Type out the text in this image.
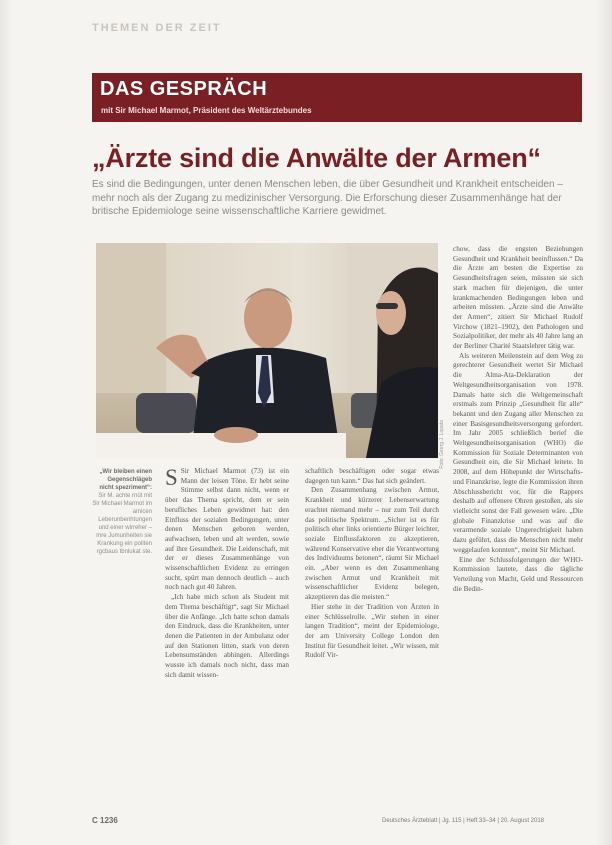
THEMEN DER ZEIT
DAS GESPRÄCH
mit Sir Michael Marmot, Präsident des Weltärztebundes
„Ärzte sind die Anwälte der Armen“
Es sind die Bedingungen, unter denen Menschen leben, die über Gesundheit und Krankheit entscheiden – mehr noch als der Zugang zu medizinischer Versorgung. Die Erforschung dieser Zusammenhänge hat der britische Epidemiologe seine wissenschaftliche Karriere gewidmet.
Foto: Georg J. Lopata
„Wir bleiben einen Gegenschlägeb nicht spezriment“: Sir M. achte rnüt mit Sir Michael Marmot im amicen Leberunbenhtungen und einer wirreher – mre Jumunheiten sie Krankung ein politen rgcbaus tbnlukat ste.

S Sir Michael Marmot (73) ist ein Mann der leisen Töne. Er hebt seine Stimme selbst dann nicht, wenn er über das Thema spricht, dem er sein berufliches Leben gewidmet hat: den Einfluss der sozialen Bedingungen, unter denen Menschen geboren werden, aufwachsen, leben und alt werden, sowie auf ihre Gesundheit. Die Leidenschaft, mit der er dieses Zusammenhänge von wissenschaftlichen Evidenz zu erringen sucht, spürt man dennoch deutlich – auch noch nach gut 40 Jahren.

„Ich habe mich schon als Student mit dem Thema beschäftigt“, sagt Sir Michael über die Anfänge. „Ich hatte schon damals den Eindruck, dass die Krankheiten, unter denen die Patienten in der Ambulanz oder auf den Stationen litten, stark von deren Lebensumständen abhingen. Allerdings wusste ich damals noch nicht, dass man sich damit wissen-

schaftlich beschäftigen oder sogar etwas dagegen tun kann.“ Das hat sich geändert.

Den Zusammenhang zwischen Armut, Krankheit und kürzerer Lebenserwartung erachtet niemand mehr – nur zum Teil durch das politische Spektrum. „Sicher ist es für politisch eher links orientierte Bürger leichter, soziale Einflussfaktoren zu akzeptieren, während Konservative eher die Verantwortung des Individuums betonen“, räumt Sir Michael ein. „Aber wenn es den Zusammenhang zwischen Armut und Krankheit mit wissenschaftlicher Evidenz belegen, akzeptieren das die meisten.“

Hier stehe in der Tradition von Ärzten in einer Schlüsselrolle. „Wir stehen in einer langen Tradition“, meint der Epidemiologe, der am University College London den Institut für Gesundheit leitet. „Wir wissen, mit Rudolf Vir-

chow, dass die engsten Beziehungen Gesundheit und Krankheit beeinflussen.“ Da die Ärzte am besten die Expertise zu Gesundheitsfragen seien, müssten sie sich stark machen für diejenigen, die unter krankmachenden Bedingungen leben und arbeiten müssten. „Ärzte sind die Anwälte der Armen“, zitiert Sir Michael Rudolf Virchow (1821–1902), den Pathologen und Sozialpolitiker, der mehr als 40 Jahre lang an der Berliner Charité Staatslehrer tätig war.

Als weiteren Meilenstein auf dem Weg zu gerechterer Gesundheit wertet Sir Michael die Alma-Ata-Deklaration der Weltgesundheitsorganisation von 1978. Damals hatte sich die Weltgemeinschaft erstmals zum Prinzip „Gesundheit für alle“ bekannt und den Zugang aller Menschen zu einer Basisgesundheitsversorgung gefordert. Im Jahr 2005 schließlich berief die Weltgesundheitsorganisation (WHO) die Kommission für Soziale Determinanten von Gesundheit ein, die Sir Michael leitete. In 2008, auf dem Höhepunkt der Wirtschafts- und Finanzkrise, legte die Kommission ihren Abschlussbericht vor, für die Rappers deshalb auf offenere Ohren gestoßen, als sie vielleicht sonst der Fall gewesen wäre. „Die globale Finanzkrise und was auf die verarmende soziale Ungerechtigkeit haben dazu geführt, dass die Menschen nicht mehr weggelaufen konnten“, meint Sir Michael.

Eine der Schlussfolgerungen der WHO-Kommission lautete, dass die tägliche Verteilung von Macht, Geld und Ressourcen die Bedin-

C 1236	Deutsches Ärzteblatt | Jg. 115 | Heft 33–34 | 20. August 2018
